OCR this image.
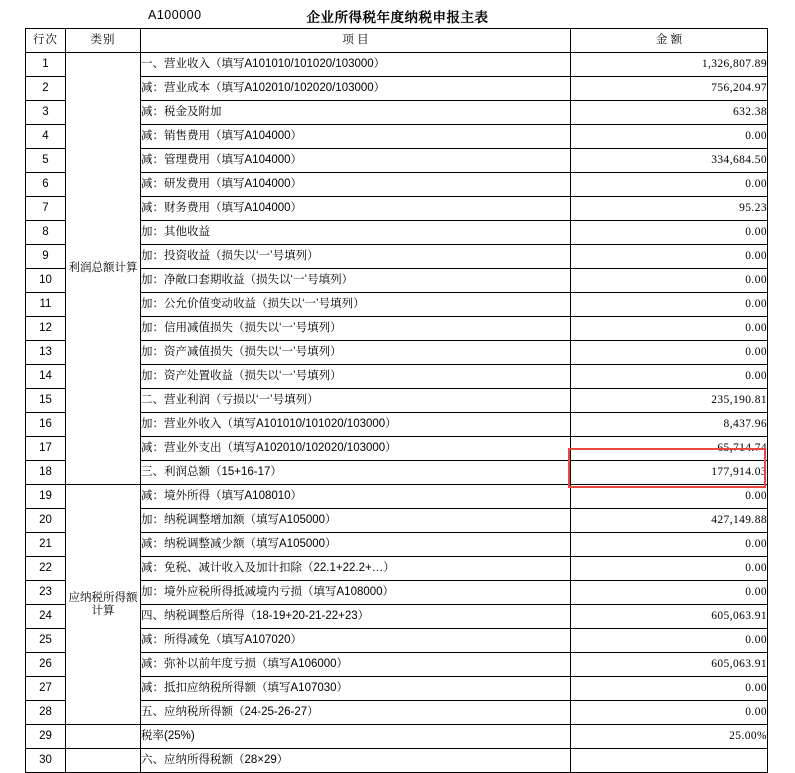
A100000	企业所得税年度纳税申报主表
行次	类别	项 目	金 额
1	利润总额计算	一、营业收入（填写A101010/101020/103000）	1,326,807.89
2		减：营业成本（填写A102010/102020/103000）	756,204.97
3		减：税金及附加	632.38
4		减：销售费用（填写A104000）	0.00
5		减：管理费用（填写A104000）	334,684.50
6		减：研发费用（填写A104000）	0.00
7		减：财务费用（填写A104000）	95.23
8		加：其他收益	0.00
9		加：投资收益（损失以‘一’号填列）	0.00
10		加：净敞口套期收益（损失以‘一’号填列）	0.00
11		加：公允价值变动收益（损失以‘一’号填列）	0.00
12		加：信用减值损失（损失以‘一’号填列）	0.00
13		加：资产减值损失（损失以‘一’号填列）	0.00
14		加：资产处置收益（损失以‘一’号填列）	0.00
15		二、营业利润（亏损以‘一’号填列）	235,190.81
16		加：营业外收入（填写A101010/101020/103000）	8,437.96
17		减：营业外支出（填写A102010/102020/103000）	65,714.74
18		三、利润总额（15+16-17）	177,914.03
19	应纳税所得额计算	减：境外所得（填写A108010）	0.00
20		加：纳税调整增加额（填写A105000）	427,149.88
21		减：纳税调整减少额（填写A105000）	0.00
22		减：免税、减计收入及加计扣除（22.1+22.2+…）	0.00
23		加：境外应税所得抵减境内亏损（填写A108000）	0.00
24		四、纳税调整后所得（18-19+20-21-22+23）	605,063.91
25		减：所得减免（填写A107020）	0.00
26		减：弥补以前年度亏损（填写A106000）	605,063.91
27		减：抵扣应纳税所得额（填写A107030）	0.00
28		五、应纳税所得额（24-25-26-27）	0.00
29		税率(25%)	25.00%
30		六、应纳所得税额（28×29）	
